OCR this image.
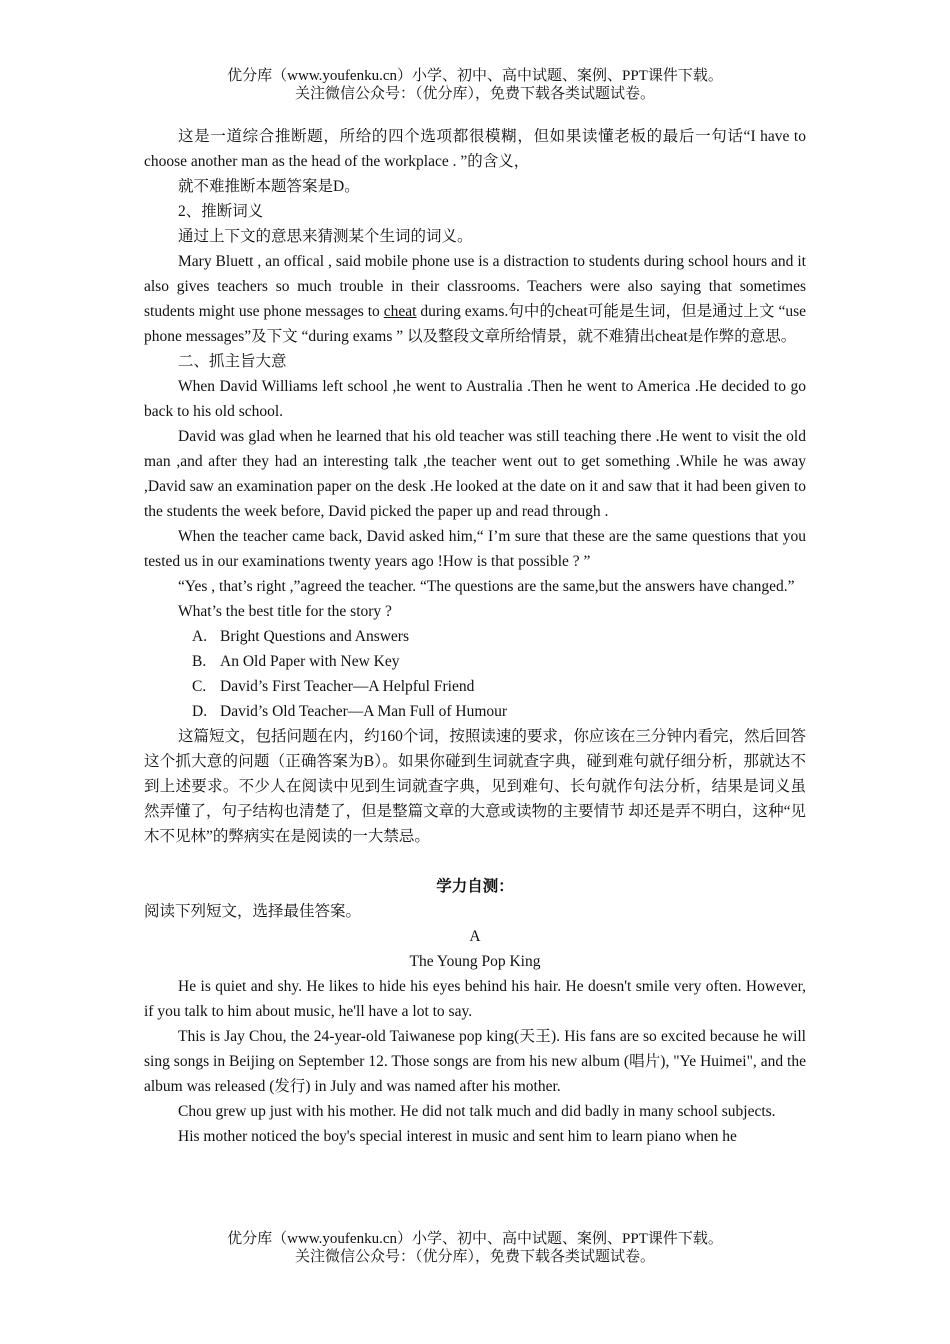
优分库（www.youfenku.cn）小学、初中、高中试题、案例、PPT课件下载。
关注微信公众号：（优分库），免费下载各类试题试卷。

这是一道综合推断题，所给的四个选项都很模糊，但如果读懂老板的最后一句话“I have to choose another man as the head of the workplace . ”的含义，

就不难推断本题答案是D。

2、推断词义

通过上下文的意思来猜测某个生词的词义。

Mary Bluett , an offical , said mobile phone use is a distraction to students during school hours and it also gives teachers so much trouble in their classrooms. Teachers were also saying that sometimes students might use phone messages to cheat during exams.句中的cheat可能是生词，但是通过上文 “use phone messages”及下文 “during exams ” 以及整段文章所给情景，就不难猜出cheat是作弊的意思。

二、抓主旨大意

When David Williams left school ,he went to Australia .Then he went to America .He decided to go back to his old school.

David was glad when he learned that his old teacher was still teaching there .He went to visit the old man ,and after they had an interesting talk ,the teacher went out to get something .While he was away ,David saw an examination paper on the desk .He looked at the date on it and saw that it had been given to the students the week before, David picked the paper up and read through .

When the teacher came back, David asked him,“ I’m sure that these are the same questions that you tested us in our examinations twenty years ago !How is that possible ? ”

“Yes , that’s right ,”agreed the teacher. “The questions are the same,but the answers have changed.”

What’s the best title for the story ?

A. Bright Questions and Answers

B. An Old Paper with New Key

C. David’s First Teacher—A Helpful Friend

D. David’s Old Teacher—A Man Full of Humour

这篇短文，包括问题在内，约160个词，按照读速的要求，你应该在三分钟内看完，然后回答这个抓大意的问题（正确答案为B）。如果你碰到生词就查字典，碰到难句就仔细分析，那就达不到上述要求。不少人在阅读中见到生词就查字典，见到难句、长句就作句法分析，结果是词义虽然弄懂了，句子结构也清楚了，但是整篇文章的大意或读物的主要情节 却还是弄不明白，这种“见木不见林”的弊病实在是阅读的一大禁忌。

学力自测：

阅读下列短文，选择最佳答案。

A

The Young Pop King

He is quiet and shy. He likes to hide his eyes behind his hair. He doesn't smile very often. However, if you talk to him about music, he'll have a lot to say.

This is Jay Chou, the 24-year-old Taiwanese pop king(天王). His fans are so excited because he will sing songs in Beijing on September 12. Those songs are from his new album (唱片), "Ye Huimei", and the album was released (发行) in July and was named after his mother.

Chou grew up just with his mother. He did not talk much and did badly in many school subjects.

His mother noticed the boy's special interest in music and sent him to learn piano when he

优分库（www.youfenku.cn）小学、初中、高中试题、案例、PPT课件下载。
关注微信公众号：（优分库），免费下载各类试题试卷。
